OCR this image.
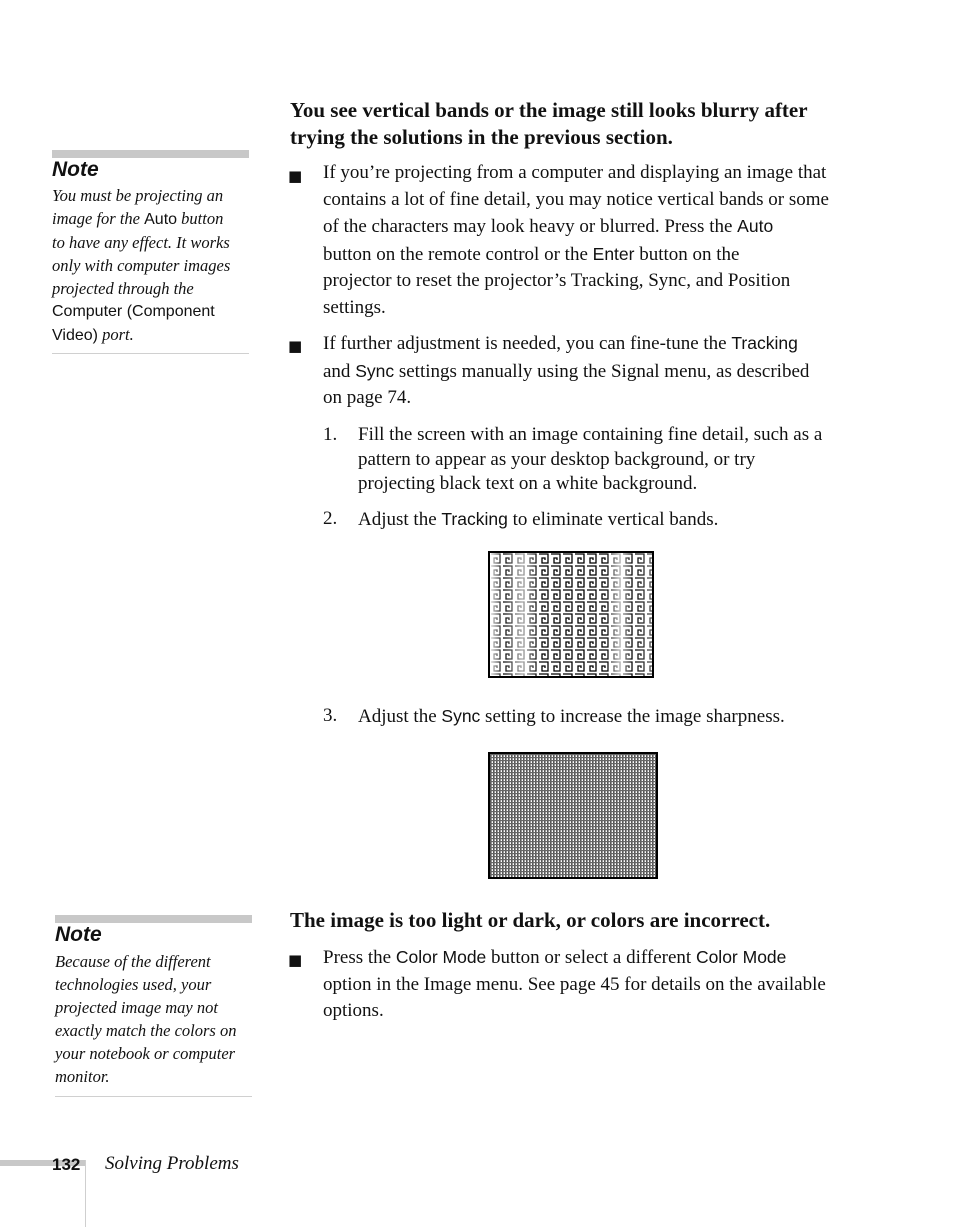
Note
You must be projecting an
image for the Auto button
to have any effect. It works
only with computer images
projected through the
Computer (Component
Video) port.
You see vertical bands or the image still looks blurry after
trying the solutions in the previous section.
■ If you’re projecting from a computer and displaying an image that
contains a lot of fine detail, you may notice vertical bands or some
of the characters may look heavy or blurred. Press the Auto
button on the remote control or the Enter button on the
projector to reset the projector’s Tracking, Sync, and Position
settings.
■ If further adjustment is needed, you can fine-tune the Tracking
and Sync settings manually using the Signal menu, as described
on page 74.
1. Fill the screen with an image containing fine detail, such as a
pattern to appear as your desktop background, or try
projecting black text on a white background.
2. Adjust the Tracking to eliminate vertical bands.
3. Adjust the Sync setting to increase the image sharpness.
Note
Because of the different
technologies used, your
projected image may not
exactly match the colors on
your notebook or computer
monitor.
The image is too light or dark, or colors are incorrect.
■ Press the Color Mode button or select a different Color Mode
option in the Image menu. See page 45 for details on the available
options.
132 Solving Problems
